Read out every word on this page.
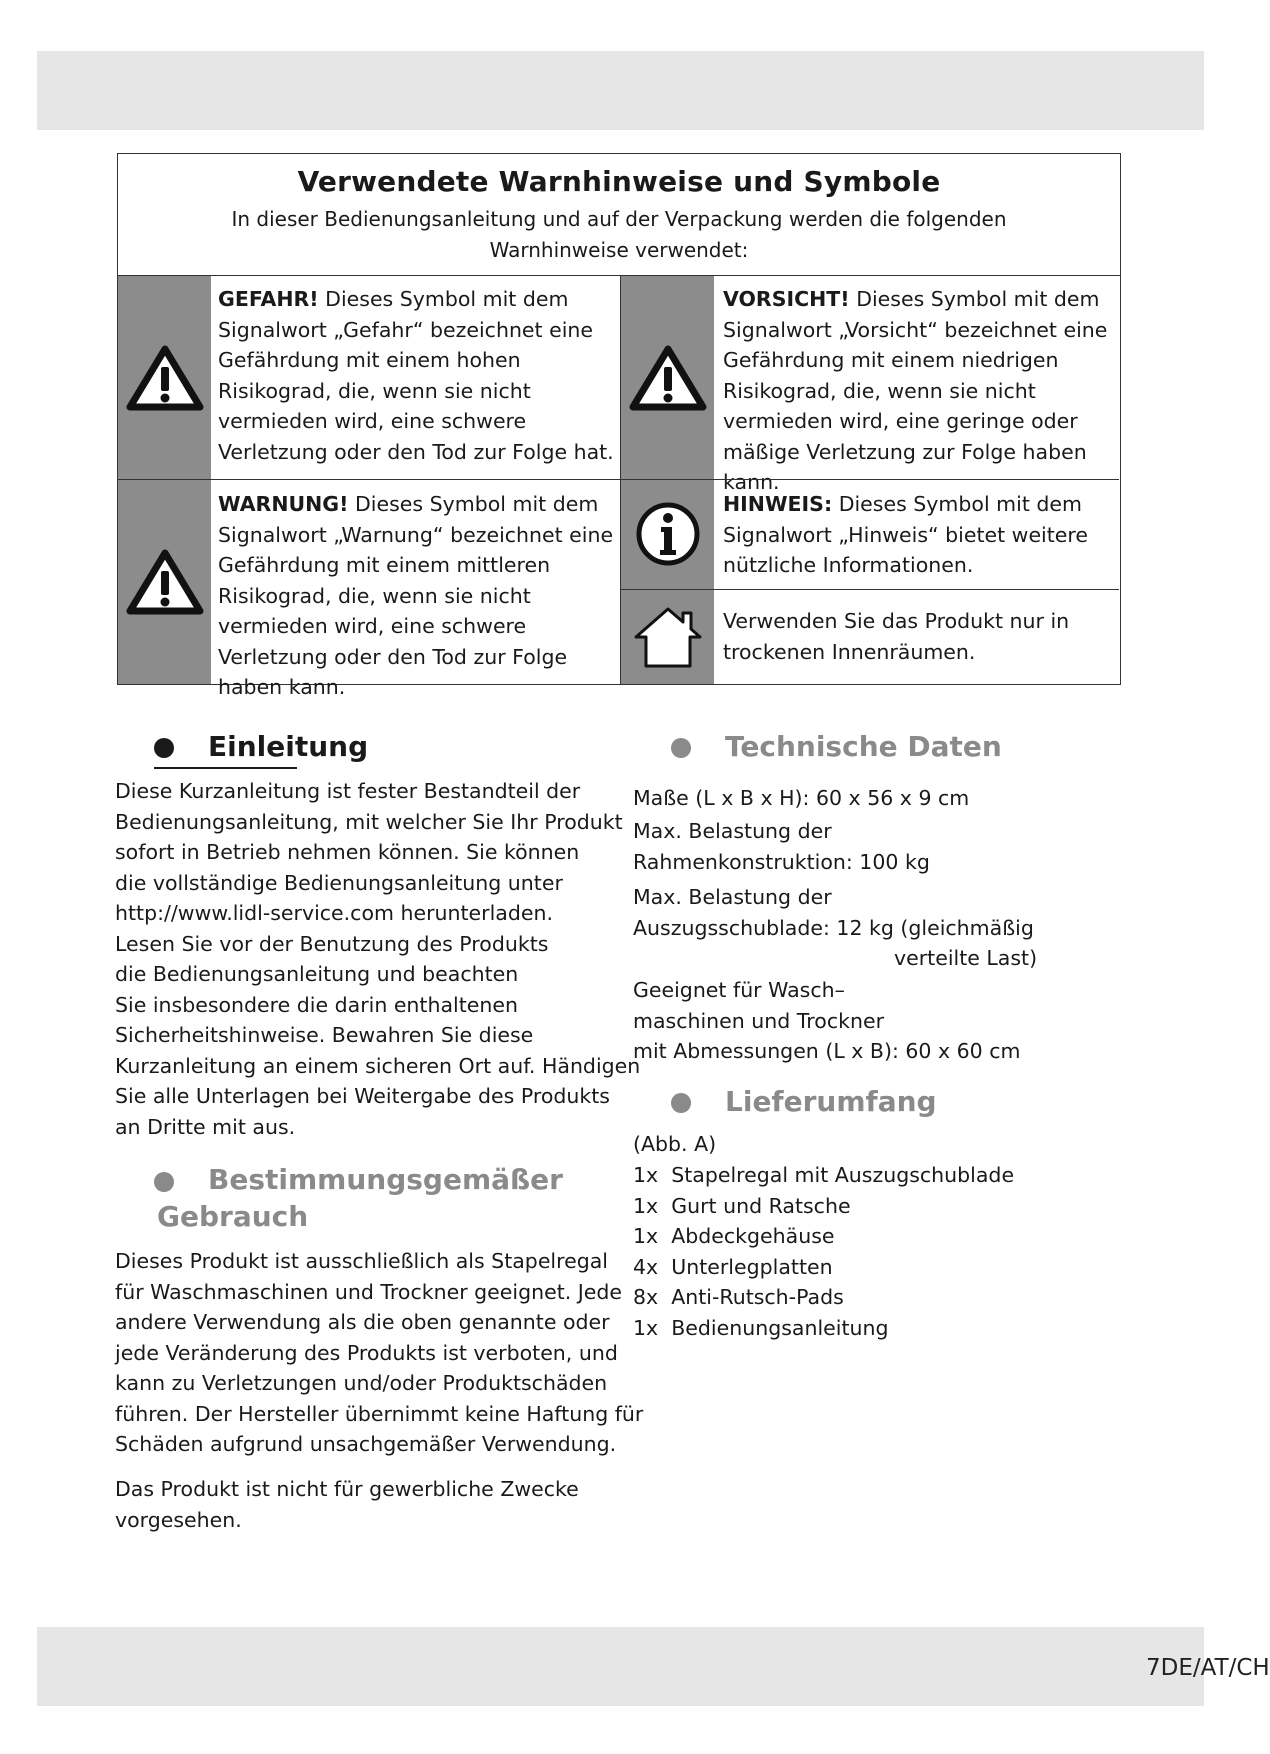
Verwendete Warnhinweise und Symbole
In dieser Bedienungsanleitung und auf der Verpackung werden die folgenden Warnhinweise verwendet:
GEFAHR! Dieses Symbol mit dem Signalwort „Gefahr“ bezeichnet eine Gefährdung mit einem hohen Risikograd, die, wenn sie nicht vermieden wird, eine schwere Verletzung oder den Tod zur Folge hat.
VORSICHT! Dieses Symbol mit dem Signalwort „Vorsicht“ bezeichnet eine Gefährdung mit einem niedrigen Risikograd, die, wenn sie nicht vermieden wird, eine geringe oder mäßige Verletzung zur Folge haben kann.
WARNUNG! Dieses Symbol mit dem Signalwort „Warnung“ bezeichnet eine Gefährdung mit einem mittleren Risikograd, die, wenn sie nicht vermieden wird, eine schwere Verletzung oder den Tod zur Folge haben kann.
HINWEIS: Dieses Symbol mit dem Signalwort „Hinweis“ bietet weitere nützliche Informationen.
Verwenden Sie das Produkt nur in trockenen Innenräumen.
Einleitung
Diese Kurzanleitung ist fester Bestandteil der
Bedienungsanleitung, mit welcher Sie Ihr Produkt
sofort in Betrieb nehmen können. Sie können
die vollständige Bedienungsanleitung unter
http://www.lidl-service.com herunterladen.
Lesen Sie vor der Benutzung des Produkts
die Bedienungsanleitung und beachten
Sie insbesondere die darin enthaltenen
Sicherheitshinweise. Bewahren Sie diese
Kurzanleitung an einem sicheren Ort auf. Händigen
Sie alle Unterlagen bei Weitergabe des Produkts
an Dritte mit aus.
Bestimmungsgemäßer
Gebrauch
Dieses Produkt ist ausschließlich als Stapelregal
für Waschmaschinen und Trockner geeignet. Jede
andere Verwendung als die oben genannte oder
jede Veränderung des Produkts ist verboten, und
kann zu Verletzungen und/oder Produktschäden
führen. Der Hersteller übernimmt keine Haftung für
Schäden aufgrund unsachgemäßer Verwendung.
Das Produkt ist nicht für gewerbliche Zwecke
vorgesehen.
Technische Daten
Maße (L x B x H): 60 x 56 x 9 cm
Max. Belastung der
Rahmenkonstruktion: 100 kg
Max. Belastung der
Auszugsschublade: 12 kg (gleichmäßig
verteilte Last)
Geeignet für Wasch–
maschinen und Trockner
mit Abmessungen (L x B): 60 x 60 cm
Lieferumfang
(Abb. A)
1x Stapelregal mit Auszugschublade
1x Gurt und Ratsche
1x Abdeckgehäuse
4x Unterlegplatten
8x Anti-Rutsch-Pads
1x Bedienungsanleitung
7DE/AT/CH
